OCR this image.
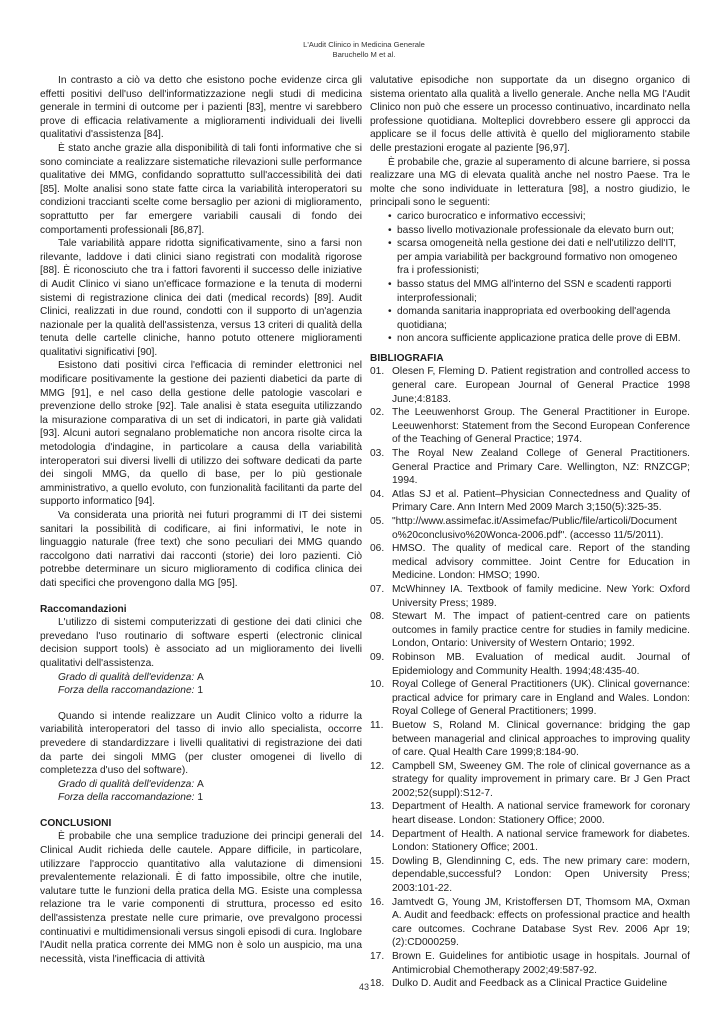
L'Audit Clinico in Medicina Generale
Baruchello M et al.

In contrasto a ciò va detto che esistono poche evidenze circa gli effetti positivi dell'uso dell'informatizzazione negli studi di medicina generale in termini di outcome per i pazienti [83], mentre vi sarebbero prove di efficacia relativamente a miglioramenti individuali dei livelli qualitativi d'assistenza [84].

È stato anche grazie alla disponibilità di tali fonti informative che si sono cominciate a realizzare sistematiche rilevazioni sulle performance qualitative dei MMG, confidando soprattutto sull'accessibilità dei dati [85]. Molte analisi sono state fatte circa la variabilità interoperatori su condizioni traccianti scelte come bersaglio per azioni di miglioramento, soprattutto per far emergere variabili causali di fondo dei comportamenti professionali [86,87].

Tale variabilità appare ridotta significativamente, sino a farsi non rilevante, laddove i dati clinici siano registrati con modalità rigorose [88]. È riconosciuto che tra i fattori favorenti il successo delle iniziative di Audit Clinico vi siano un'efficace formazione e la tenuta di moderni sistemi di registrazione clinica dei dati (medical records) [89]. Audit Clinici, realizzati in due round, condotti con il supporto di un'agenzia nazionale per la qualità dell'assistenza, versus 13 criteri di qualità della tenuta delle cartelle cliniche, hanno potuto ottenere miglioramenti qualitativi significativi [90].

Esistono dati positivi circa l'efficacia di reminder elettronici nel modificare positivamente la gestione dei pazienti diabetici da parte di MMG [91], e nel caso della gestione delle patologie vascolari e prevenzione dello stroke [92]. Tale analisi è stata eseguita utilizzando la misurazione comparativa di un set di indicatori, in parte già validati [93]. Alcuni autori segnalano problematiche non ancora risolte circa la metodologia d'indagine, in particolare a causa della variabilità interoperatori sui diversi livelli di utilizzo dei software dedicati da parte dei singoli MMG, da quello di base, per lo più gestionale amministrativo, a quello evoluto, con funzionalità facilitanti da parte del supporto informatico [94].

Va considerata una priorità nei futuri programmi di IT dei sistemi sanitari la possibilità di codificare, ai fini informativi, le note in linguaggio naturale (free text) che sono peculiari dei MMG quando raccolgono dati narrativi dai racconti (storie) dei loro pazienti. Ciò potrebbe determinare un sicuro miglioramento di codifica clinica dei dati specifici che provengono dalla MG [95].

Raccomandazioni

L'utilizzo di sistemi computerizzati di gestione dei dati clinici che prevedano l'uso routinario di software esperti (electronic clinical decision support tools) è associato ad un miglioramento dei livelli qualitativi dell'assistenza.

Grado di qualità dell'evidenza: A
Forza della raccomandazione: 1

Quando si intende realizzare un Audit Clinico volto a ridurre la variabilità interoperatori del tasso di invio allo specialista, occorre prevedere di standardizzare i livelli qualitativi di registrazione dei dati da parte dei singoli MMG (per cluster omogenei di livello di completezza d'uso del software).

Grado di qualità dell'evidenza: A
Forza della raccomandazione: 1
CONCLUSIONI

È probabile che una semplice traduzione dei principi generali del Clinical Audit richieda delle cautele. Appare difficile, in particolare, utilizzare l'approccio quantitativo alla valutazione di dimensioni prevalentemente relazionali. È di fatto impossibile, oltre che inutile, valutare tutte le funzioni della pratica della MG. Esiste una complessa relazione tra le varie componenti di struttura, processo ed esito dell'assistenza prestate nelle cure primarie, ove prevalgono processi continuativi e multidimensionali versus singoli episodi di cura. Inglobare l'Audit nella pratica corrente dei MMG non è solo un auspicio, ma una necessità, vista l'inefficacia di attività

valutative episodiche non supportate da un disegno organico di sistema orientato alla qualità a livello generale. Anche nella MG l'Audit Clinico non può che essere un processo continuativo, incardinato nella professione quotidiana. Molteplici dovrebbero essere gli approcci da applicare se il focus delle attività è quello del miglioramento stabile delle prestazioni erogate al paziente [96,97].

È probabile che, grazie al superamento di alcune barriere, si possa realizzare una MG di elevata qualità anche nel nostro Paese. Tra le molte che sono individuate in letteratura [98], a nostro giudizio, le principali sono le seguenti:

• carico burocratico e informativo eccessivi;
• basso livello motivazionale professionale da elevato burn out;
• scarsa omogeneità nella gestione dei dati e nell'utilizzo dell'IT, per ampia variabilità per background formativo non omogeneo fra i professionisti;
• basso status del MMG all'interno del SSN e scadenti rapporti interprofessionali;
• domanda sanitaria inappropriata ed overbooking dell'agenda quotidiana;
• non ancora sufficiente applicazione pratica delle prove di EBM.
BIBLIOGRAFIA
01. Olesen F, Fleming D. Patient registration and controlled access to general care. European Journal of General Practice 1998 June;4:8183.
02. The Leeuwenhorst Group. The General Practitioner in Europe. Leeuwenhorst: Statement from the Second European Conference of the Teaching of General Practice; 1974.
03. The Royal New Zealand College of General Practitioners. General Practice and Primary Care. Wellington, NZ: RNZCGP; 1994.
04. Atlas SJ et al. Patient–Physician Connectedness and Quality of Primary Care. Ann Intern Med 2009 March 3;150(5):325-35.
05. "http://www.assimefac.it/Assimefac/Public/file/articoli/Documento%20conclusivo%20Wonca-2006.pdf". (accesso 11/5/2011).
06. HMSO. The quality of medical care. Report of the standing medical advisory committee. Joint Centre for Education in Medicine. London: HMSO; 1990.
07. McWhinney IA. Textbook of family medicine. New York: Oxford University Press; 1989.
08. Stewart M. The impact of patient-centred care on patients outcomes in family practice centre for studies in family medicine. London, Ontario: University of Western Ontario; 1992.
09. Robinson MB. Evaluation of medical audit. Journal of Epidemiology and Community Health. 1994;48:435-40.
10. Royal College of General Practitioners (UK). Clinical governance: practical advice for primary care in England and Wales. London: Royal College of General Practitioners; 1999.
11. Buetow S, Roland M. Clinical governance: bridging the gap between managerial and clinical approaches to improving quality of care. Qual Health Care 1999;8:184-90.
12. Campbell SM, Sweeney GM. The role of clinical governance as a strategy for quality improvement in primary care. Br J Gen Pract 2002;52(suppl):S12-7.
13. Department of Health. A national service framework for coronary heart disease. London: Stationery Office; 2000.
14. Department of Health. A national service framework for diabetes. London: Stationery Office; 2001.
15. Dowling B, Glendinning C, eds. The new primary care: modern, dependable,successful? London: Open University Press; 2003:101-22.
16. Jamtvedt G, Young JM, Kristoffersen DT, Thomsom MA, Oxman A. Audit and feedback: effects on professional practice and health care outcomes. Cochrane Database Syst Rev. 2006 Apr 19;(2):CD000259.
17. Brown E. Guidelines for antibiotic usage in hospitals. Journal of Antimicrobial Chemotherapy 2002;49:587-92.
18. Dulko D. Audit and Feedback as a Clinical Practice Guideline
43
